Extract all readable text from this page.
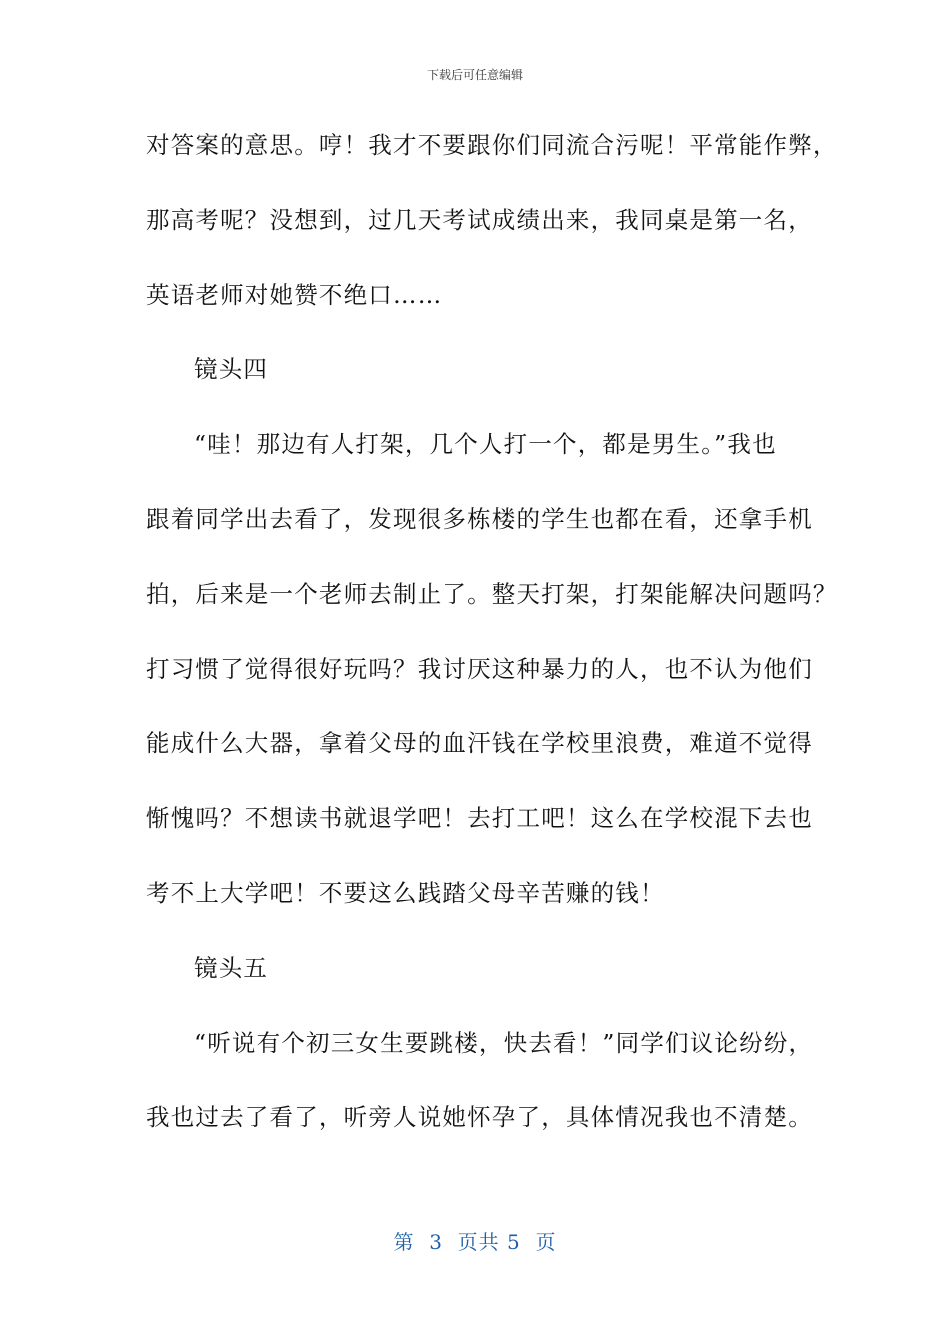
下载后可任意编辑
对答案的意思。哼！我才不要跟你们同流合污呢！平常能作弊，
那高考呢？没想到，过几天考试成绩出来，我同桌是第一名，
英语老师对她赞不绝口……
镜头四
“哇！那边有人打架，几个人打一个，都是男生。”我也
跟着同学出去看了，发现很多栋楼的学生也都在看，还拿手机
拍，后来是一个老师去制止了。整天打架，打架能解决问题吗？
打习惯了觉得很好玩吗？我讨厌这种暴力的人，也不认为他们
能成什么大器，拿着父母的血汗钱在学校里浪费，难道不觉得
惭愧吗？不想读书就退学吧！去打工吧！这么在学校混下去也
考不上大学吧！不要这么践踏父母辛苦赚的钱！
镜头五
“听说有个初三女生要跳楼，快去看！”同学们议论纷纷，
我也过去了看了，听旁人说她怀孕了，具体情况我也不清楚。
第  3  页共 5  页
